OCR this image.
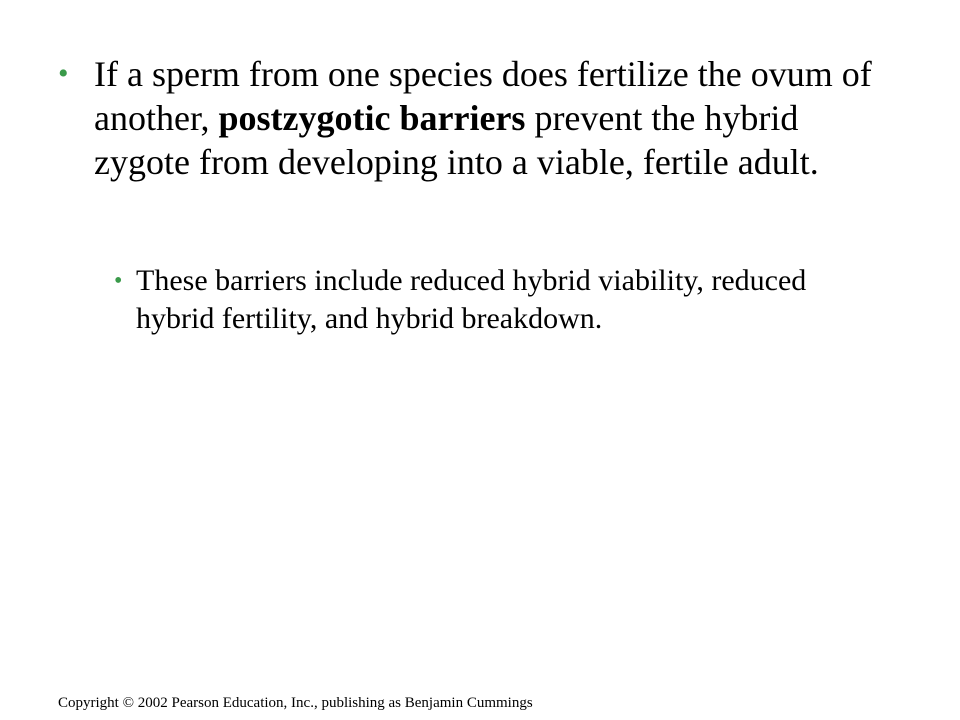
• If a sperm from one species does fertilize the ovum of another, postzygotic barriers prevent the hybrid zygote from developing into a viable, fertile adult.
• These barriers include reduced hybrid viability, reduced hybrid fertility, and hybrid breakdown.
Copyright © 2002 Pearson Education, Inc., publishing as Benjamin Cummings
